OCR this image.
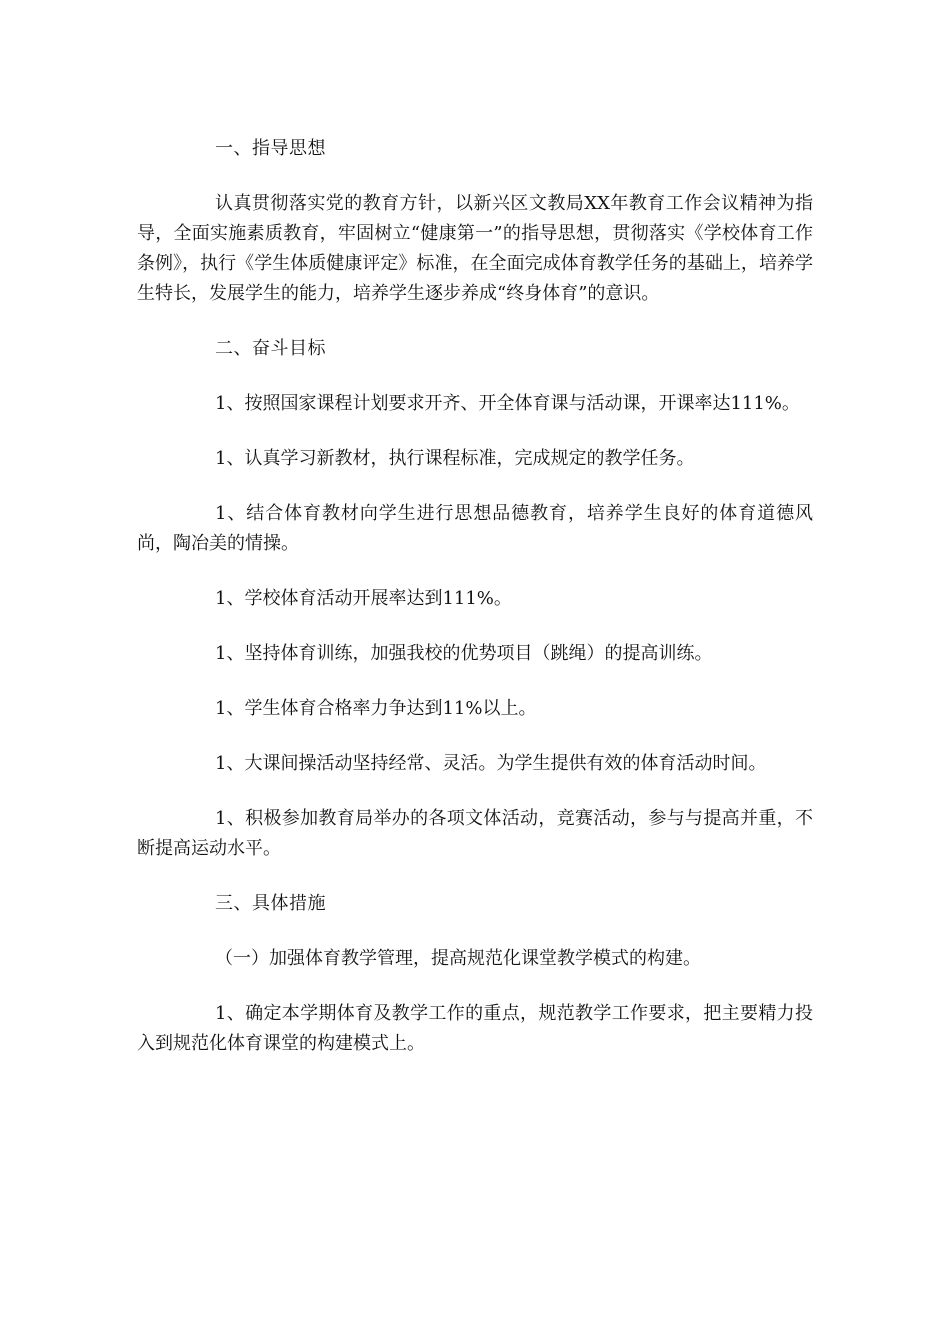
一、指导思想

认真贯彻落实党的教育方针，以新兴区文教局XX年教育工作会议精神为指导，全面实施素质教育，牢固树立“健康第一”的指导思想，贯彻落实《学校体育工作条例》，执行《学生体质健康评定》标准，在全面完成体育教学任务的基础上，培养学生特长，发展学生的能力，培养学生逐步养成“终身体育”的意识。

二、奋斗目标

1、按照国家课程计划要求开齐、开全体育课与活动课，开课率达111%。

1、认真学习新教材，执行课程标准，完成规定的教学任务。

1、结合体育教材向学生进行思想品德教育，培养学生良好的体育道德风尚，陶冶美的情操。

1、学校体育活动开展率达到111%。

1、坚持体育训练，加强我校的优势项目（跳绳）的提高训练。

1、学生体育合格率力争达到11%以上。

1、大课间操活动坚持经常、灵活。为学生提供有效的体育活动时间。

1、积极参加教育局举办的各项文体活动，竞赛活动，参与与提高并重，不断提高运动水平。

三、具体措施

（一）加强体育教学管理，提高规范化课堂教学模式的构建。

1、确定本学期体育及教学工作的重点，规范教学工作要求，把主要精力投入到规范化体育课堂的构建模式上。
